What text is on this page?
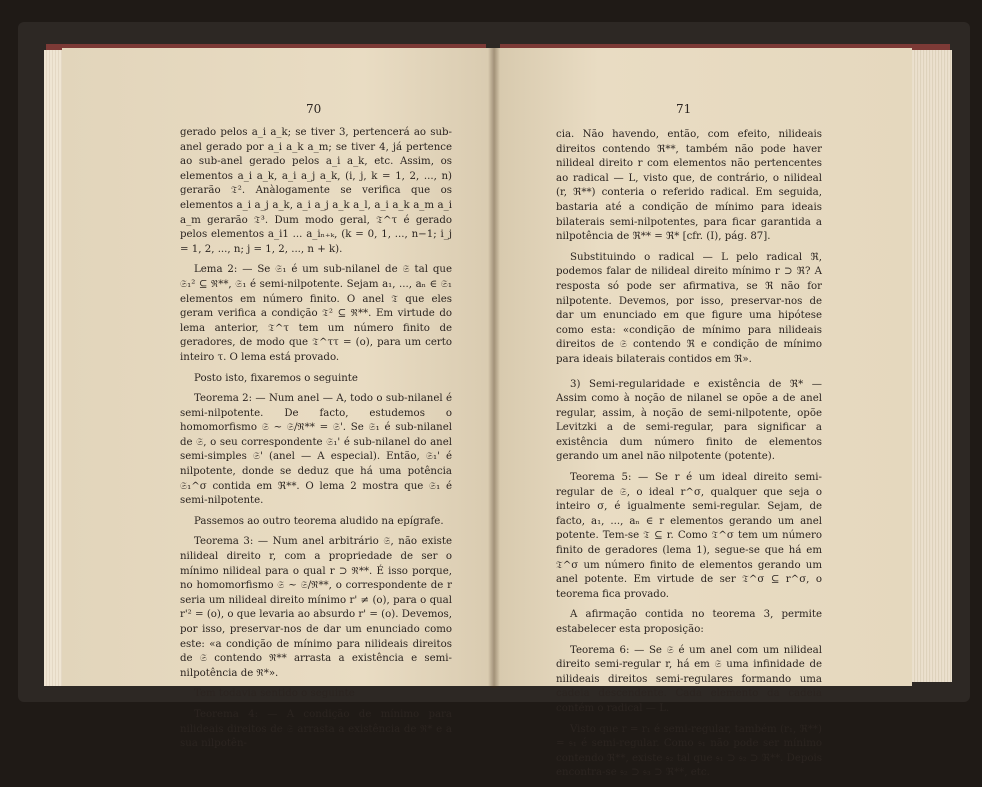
70

gerado pelos a_i a_k; se tiver 3, pertencerá ao sub-anel gerado por a_i a_k a_m; se tiver 4, já pertence ao sub-anel gerado pelos a_i a_k, etc. Assim, os elementos a_i a_k, a_i a_j a_k, (i, j, k = 1, 2, ..., n) gerarão 𝔗². Anàlogamente se verifica que os elementos a_i a_j a_k, a_i a_j a_k a_l, a_i a_k a_m a_i a_m gerarão 𝔗³. Dum modo geral, 𝔗^τ é gerado pelos elementos a_i1 ... a_iₙ₊ₖ, (k = 0, 1, ..., n−1; i_j = 1, 2, ..., n; j = 1, 2, ..., n + k).

Lema 2: — Se 𝔖₁ é um sub-nilanel de 𝔖 tal que 𝔖₁² ⊆ ℜ**, 𝔖₁ é semi-nilpotente. Sejam a₁, ..., aₙ ∈ 𝔖₁ elementos em número finito. O anel 𝔗 que eles geram verifica a condição 𝔗² ⊆ ℜ**. Em virtude do lema anterior, 𝔗^τ tem um número finito de geradores, de modo que 𝔗^ττ = (o), para um certo inteiro τ. O lema está provado.

Posto isto, fixaremos o seguinte

Teorema 2: — Num anel — A, todo o sub-nilanel é semi-nilpotente. De facto, estudemos o homomorfismo 𝔖 ~ 𝔖/ℜ** = 𝔖'. Se 𝔖₁ é sub-nilanel de 𝔖, o seu correspondente 𝔖₁' é sub-nilanel do anel semi-simples 𝔖' (anel — A especial). Então, 𝔖₁' é nilpotente, donde se deduz que há uma potência 𝔖₁^σ contida em ℜ**. O lema 2 mostra que 𝔖₁ é semi-nilpotente.

Passemos ao outro teorema aludido na epígrafe.

Teorema 3: — Num anel arbitrário 𝔖, não existe nilideal direito r, com a propriedade de ser o mínimo nilideal para o qual r ⊃ ℜ**. É isso porque, no homomorfismo 𝔖 ~ 𝔖/ℜ**, o correspondente de r seria um nilideal direito mínimo r' ≠ (o), para o qual r'² = (o), o que levaria ao absurdo r' = (o). Devemos, por isso, preservar-nos de dar um enunciado como este: «a condição de mínimo para nilideais direitos de 𝔖 contendo ℜ** arrasta a existência e semi-nilpotência de ℜ*».

Tem todavia sentido o seguinte

Teorema 4: — A condição de mínimo para nilideais direitos de 𝔖 arrasta a existência de ℜ* e a sua nilpotên-

71

cia. Não havendo, então, com efeito, nilideais direitos contendo ℜ**, também não pode haver nilideal direito r com elementos não pertencentes ao radical — L, visto que, de contrário, o nilideal (r, ℜ**) conteria o referido radical. Em seguida, bastaria até a condição de mínimo para ideais bilaterais semi-nilpotentes, para ficar garantida a nilpotência de ℜ** = ℜ* [cfr. (I), pág. 87].

Substituindo o radical — L pelo radical ℜ, podemos falar de nilideal direito mínimo r ⊃ ℜ? A resposta só pode ser afirmativa, se ℜ não for nilpotente. Devemos, por isso, preservar-nos de dar um enunciado em que figure uma hipótese como esta: «condição de mínimo para nilideais direitos de 𝔖 contendo ℜ e condição de mínimo para ideais bilaterais contidos em ℜ».

3) Semi-regularidade e existência de ℜ* — Assim como à noção de nilanel se opõe a de anel regular, assim, à noção de semi-nilpotente, opõe Levitzki a de semi-regular, para significar a existência dum número finito de elementos gerando um anel não nilpotente (potente).

Teorema 5: — Se r é um ideal direito semi-regular de 𝔖, o ideal r^σ, qualquer que seja o inteiro σ, é igualmente semi-regular. Sejam, de facto, a₁, ..., aₙ ∈ r elementos gerando um anel potente. Tem-se 𝔗 ⊆ r. Como 𝔗^σ tem um número finito de geradores (lema 1), segue-se que há em 𝔗^σ um número finito de elementos gerando um anel potente. Em virtude de ser 𝔗^σ ⊆ r^σ, o teorema fica provado.

A afirmação contida no teorema 3, permite estabelecer esta proposição:

Teorema 6: — Se 𝔖 é um anel com um nilideal direito semi-regular r, há em 𝔖 uma infinidade de nilideais direitos semi-regulares formando uma cadeia descendente. Cada elemento da cadeia contém o radical — L.

Visto que r = r₁ é semi-regular, também (r₁, ℜ**) = 𝔰₁ é semi-regular. Como 𝔰₁ não pode ser mínimo contendo ℜ**, existe 𝔰₂ tal que 𝔰₁ ⊃ 𝔰₂ ⊃ ℜ**. Depois encontra-se 𝔰₂ ⊃ 𝔰₃ ⊃ ℜ**, etc.
